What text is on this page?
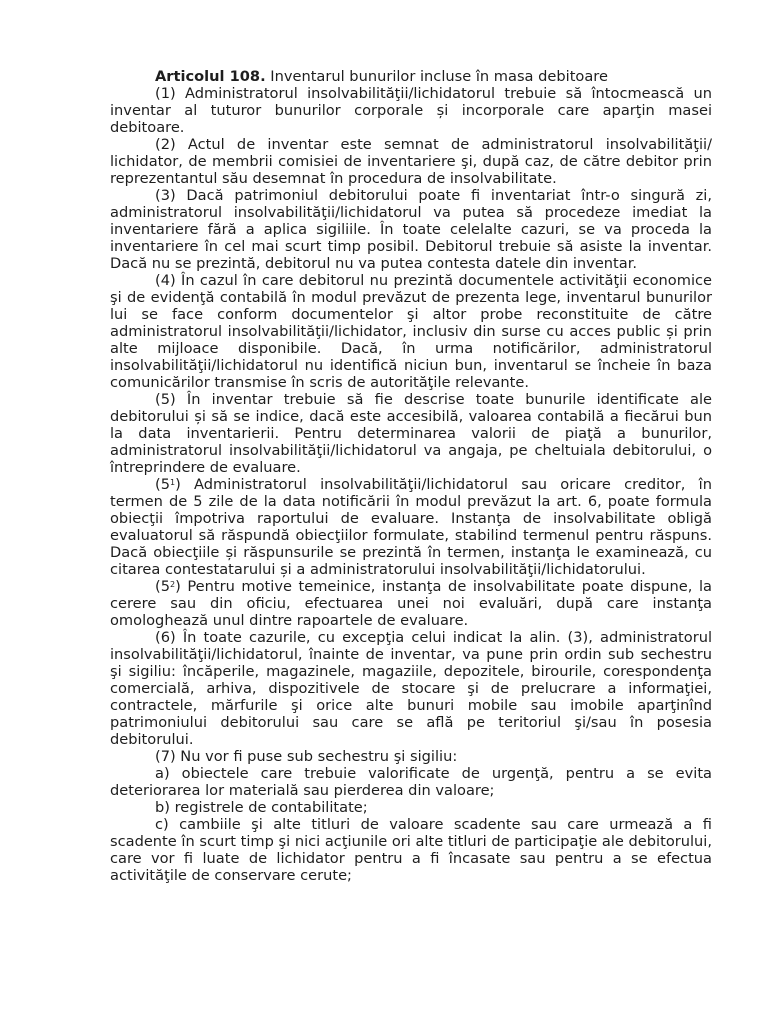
Articolul 108. Inventarul bunurilor incluse în masa debitoare

(1) Administratorul insolvabilităţii/lichidatorul trebuie să întocmească un inventar al tuturor bunurilor corporale și incorporale care aparţin masei debitoare.

(2) Actul de inventar este semnat de administratorul insolvabilităţii/ lichidator, de membrii comisiei de inventariere şi, după caz, de către debitor prin reprezentantul său desemnat în procedura de insolvabilitate.

(3) Dacă patrimoniul debitorului poate fi inventariat într-o singură zi, administratorul insolvabilităţii/lichidatorul va putea să procedeze imediat la inventariere fără a aplica sigiliile. În toate celelalte cazuri, se va proceda la inventariere în cel mai scurt timp posibil. Debitorul trebuie să asiste la inventar. Dacă nu se prezintă, debitorul nu va putea contesta datele din inventar.

(4) În cazul în care debitorul nu prezintă documentele activităţii economice şi de evidenţă contabilă în modul prevăzut de prezenta lege, inventarul bunurilor lui se face conform documentelor şi altor probe reconstituite de către administratorul insolvabilităţii/lichidator, inclusiv din surse cu acces public și prin alte mijloace disponibile. Dacă, în urma notificărilor, administratorul insolvabilităţii/lichidatorul nu identifică niciun bun, inventarul se încheie în baza comunicărilor transmise în scris de autorităţile relevante.

(5) În inventar trebuie să fie descrise toate bunurile identificate ale debitorului și să se indice, dacă este accesibilă, valoarea contabilă a fiecărui bun la data inventarierii. Pentru determinarea valorii de piaţă a bunurilor, administratorul insolvabilităţii/lichidatorul va angaja, pe cheltuiala debitorului, o întreprindere de evaluare.

$(5^1)$ Administratorul insolvabilităţii/lichidatorul sau oricare creditor, în termen de 5 zile de la data notificării în modul prevăzut la art. 6, poate formula obiecţii împotriva raportului de evaluare. Instanţa de insolvabilitate obligă evaluatorul să răspundă obiecţiilor formulate, stabilind termenul pentru răspuns. Dacă obiecţiile și răspunsurile se prezintă în termen, instanţa le examinează, cu citarea contestatarului și a administratorului insolvabilităţii/lichidatorului.

$(5^2)$ Pentru motive temeinice, instanţa de insolvabilitate poate dispune, la cerere sau din oficiu, efectuarea unei noi evaluări, după care instanţa omologhează unul dintre rapoartele de evaluare.

(6) În toate cazurile, cu excepţia celui indicat la alin. (3), administratorul insolvabilităţii/lichidatorul, înainte de inventar, va pune prin ordin sub sechestru şi sigiliu: încăperile, magazinele, magaziile, depozitele, birourile, corespondenţa comercială, arhiva, dispozitivele de stocare şi de prelucrare a informaţiei, contractele, mărfurile şi orice alte bunuri mobile sau imobile aparţinînd patrimoniului debitorului sau care se află pe teritoriul şi/sau în posesia debitorului.

(7) Nu vor fi puse sub sechestru şi sigiliu:

a) obiectele care trebuie valorificate de urgenţă, pentru a se evita deteriorarea lor materială sau pierderea din valoare;

b) registrele de contabilitate;

c) cambiile şi alte titluri de valoare scadente sau care urmează a fi scadente în scurt timp şi nici acţiunile ori alte titluri de participaţie ale debitorului, care vor fi luate de lichidator pentru a fi încasate sau pentru a se efectua activităţile de conservare cerute;
